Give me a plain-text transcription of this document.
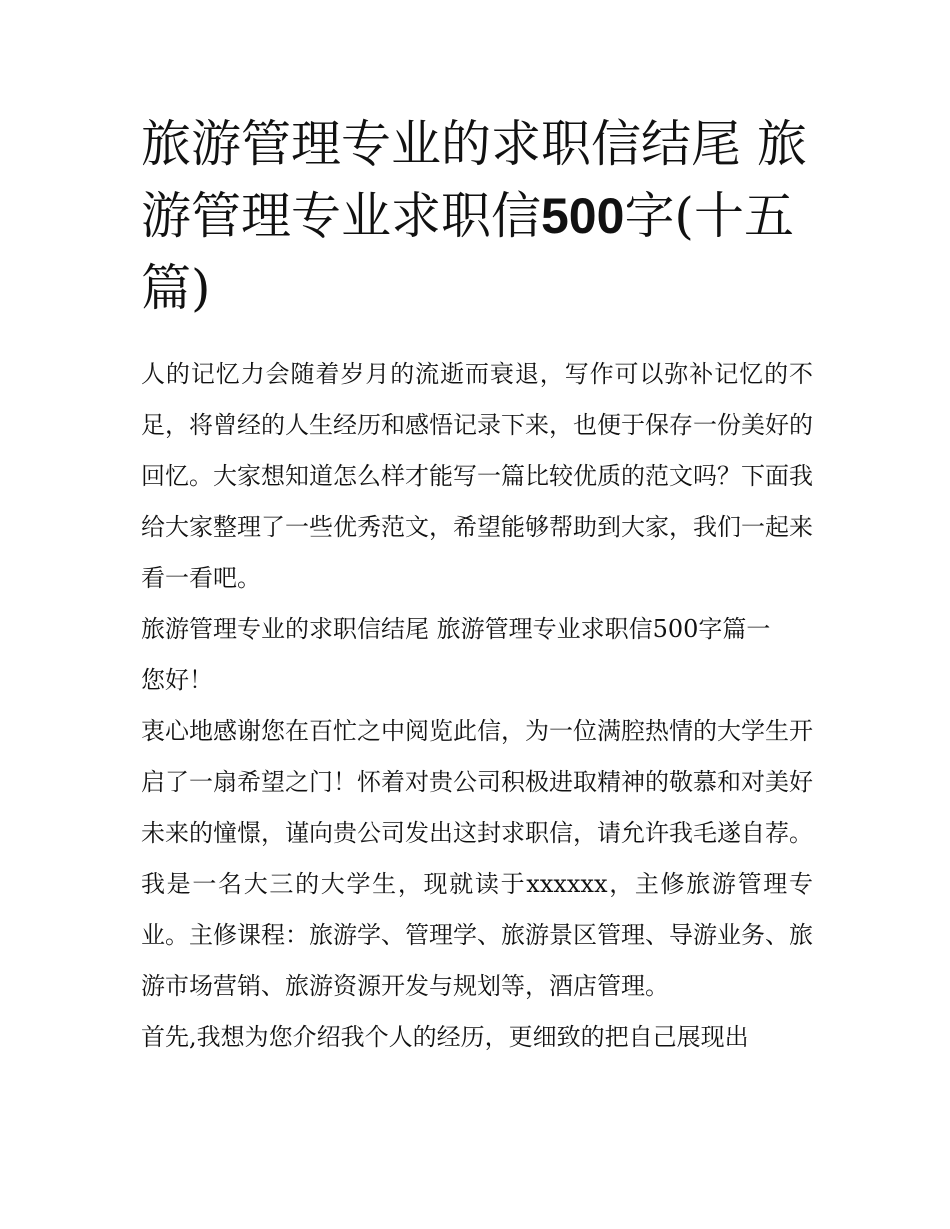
旅游管理专业的求职信结尾 旅游管理专业求职信500字(十五篇)

人的记忆力会随着岁月的流逝而衰退，写作可以弥补记忆的不足，将曾经的人生经历和感悟记录下来，也便于保存一份美好的回忆。大家想知道怎么样才能写一篇比较优质的范文吗？下面我给大家整理了一些优秀范文，希望能够帮助到大家，我们一起来看一看吧。

旅游管理专业的求职信结尾 旅游管理专业求职信500字篇一

您好！

衷心地感谢您在百忙之中阅览此信，为一位满腔热情的大学生开启了一扇希望之门！怀着对贵公司积极进取精神的敬慕和对美好未来的憧憬，谨向贵公司发出这封求职信，请允许我毛遂自荐。

我是一名大三的大学生，现就读于xxxxxx，主修旅游管理专业。主修课程：旅游学、管理学、旅游景区管理、导游业务、旅游市场营销、旅游资源开发与规划等，酒店管理。

首先,我想为您介绍我个人的经历，更细致的把自己展现出
